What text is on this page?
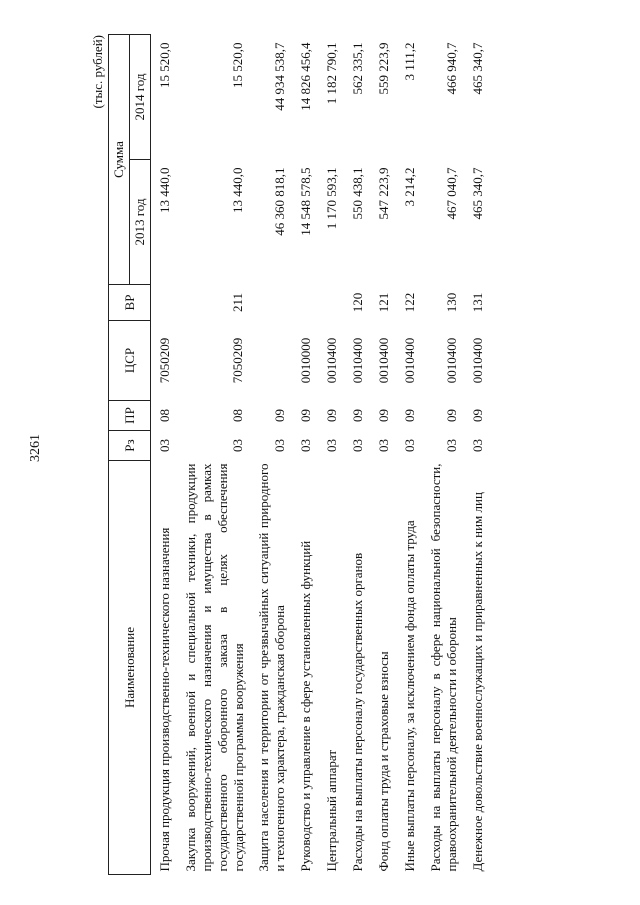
3261
(тыс. рублей)
Наименование	Рз	ПР	ЦСР	ВР	Сумма	
					2013 год	2014 год
Прочая продукция производственно-технического назначения	03	08	7050209		13 440,0	15 520,0
Закупка вооружений, военной и специальной техники, продукции производственно-технического назначения и имущества в рамках государственного оборонного заказа в целях обеспечения государственной программы вооружения	03	08	7050209	211	13 440,0	15 520,0
Защита населения и территории от чрезвычайных ситуаций природного и техногенного характера, гражданская оборона	03	09			46 360 818,1	44 934 538,7
Руководство и управление в сфере установленных функций	03	09	0010000		14 548 578,5	14 826 456,4
Центральный аппарат	03	09	0010400		1 170 593,1	1 182 790,1
Расходы на выплаты персоналу государственных органов	03	09	0010400	120	550 438,1	562 335,1
Фонд оплаты труда и страховые взносы	03	09	0010400	121	547 223,9	559 223,9
Иные выплаты персоналу, за исключением фонда оплаты труда	03	09	0010400	122	3 214,2	3 111,2
Расходы на выплаты персоналу в сфере национальной безопасности, правоохранительной деятельности и обороны	03	09	0010400	130	467 040,7	466 940,7
Денежное довольствие военнослужащих и приравненных к ним лиц	03	09	0010400	131	465 340,7	465 340,7
